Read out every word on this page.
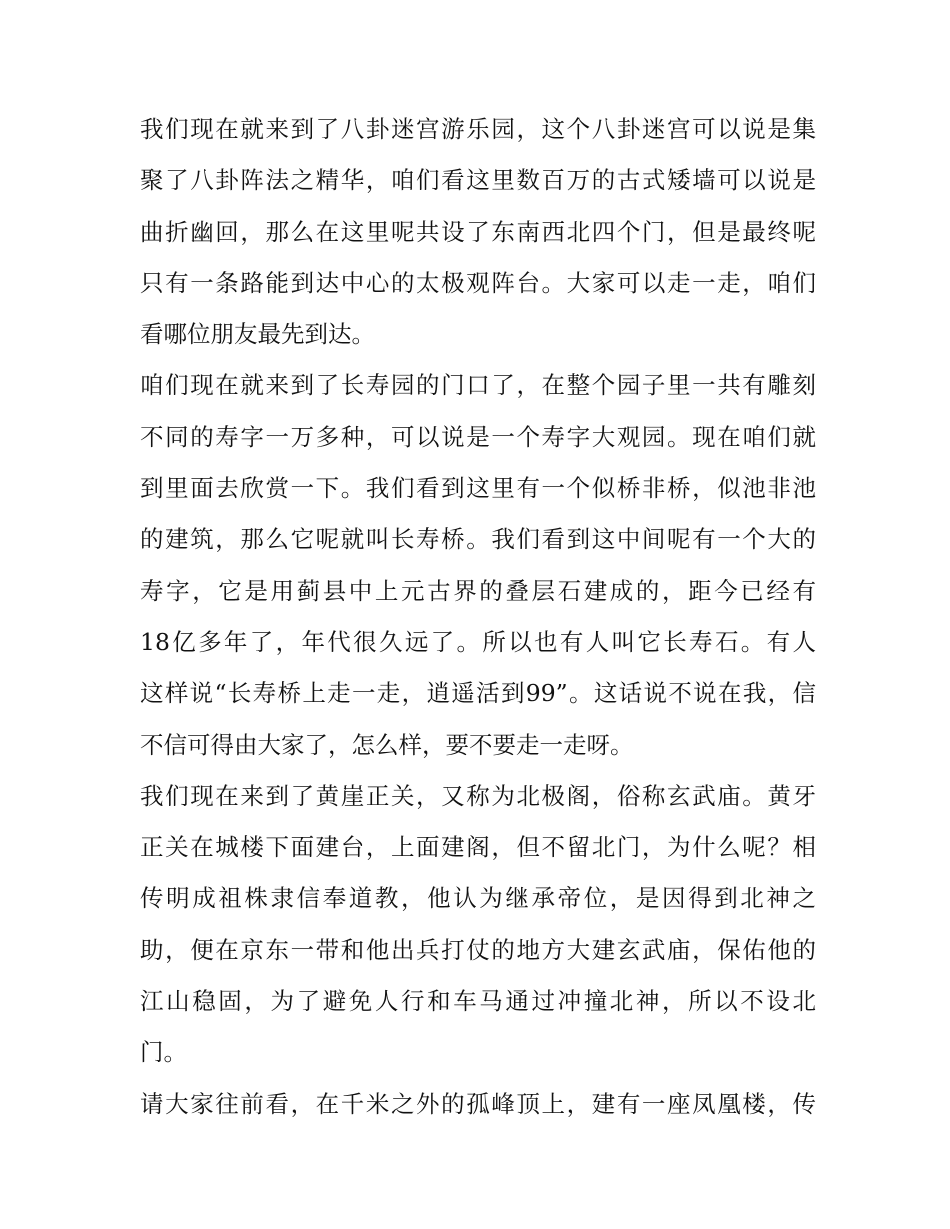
我们现在就来到了八卦迷宫游乐园，这个八卦迷宫可以说是集
聚了八卦阵法之精华，咱们看这里数百万的古式矮墙可以说是
曲折幽回，那么在这里呢共设了东南西北四个门，但是最终呢
只有一条路能到达中心的太极观阵台。大家可以走一走，咱们
看哪位朋友最先到达。
咱们现在就来到了长寿园的门口了，在整个园子里一共有雕刻
不同的寿字一万多种，可以说是一个寿字大观园。现在咱们就
到里面去欣赏一下。我们看到这里有一个似桥非桥，似池非池
的建筑，那么它呢就叫长寿桥。我们看到这中间呢有一个大的
寿字，它是用蓟县中上元古界的叠层石建成的，距今已经有
18亿多年了，年代很久远了。所以也有人叫它长寿石。有人
这样说“长寿桥上走一走，逍遥活到99”。这话说不说在我，信
不信可得由大家了，怎么样，要不要走一走呀。
我们现在来到了黄崖正关，又称为北极阁，俗称玄武庙。黄牙
正关在城楼下面建台，上面建阁，但不留北门，为什么呢？相
传明成祖株隶信奉道教，他认为继承帝位，是因得到北神之
助，便在京东一带和他出兵打仗的地方大建玄武庙，保佑他的
江山稳固，为了避免人行和车马通过冲撞北神，所以不设北
门。
请大家往前看，在千米之外的孤峰顶上，建有一座凤凰楼，传
